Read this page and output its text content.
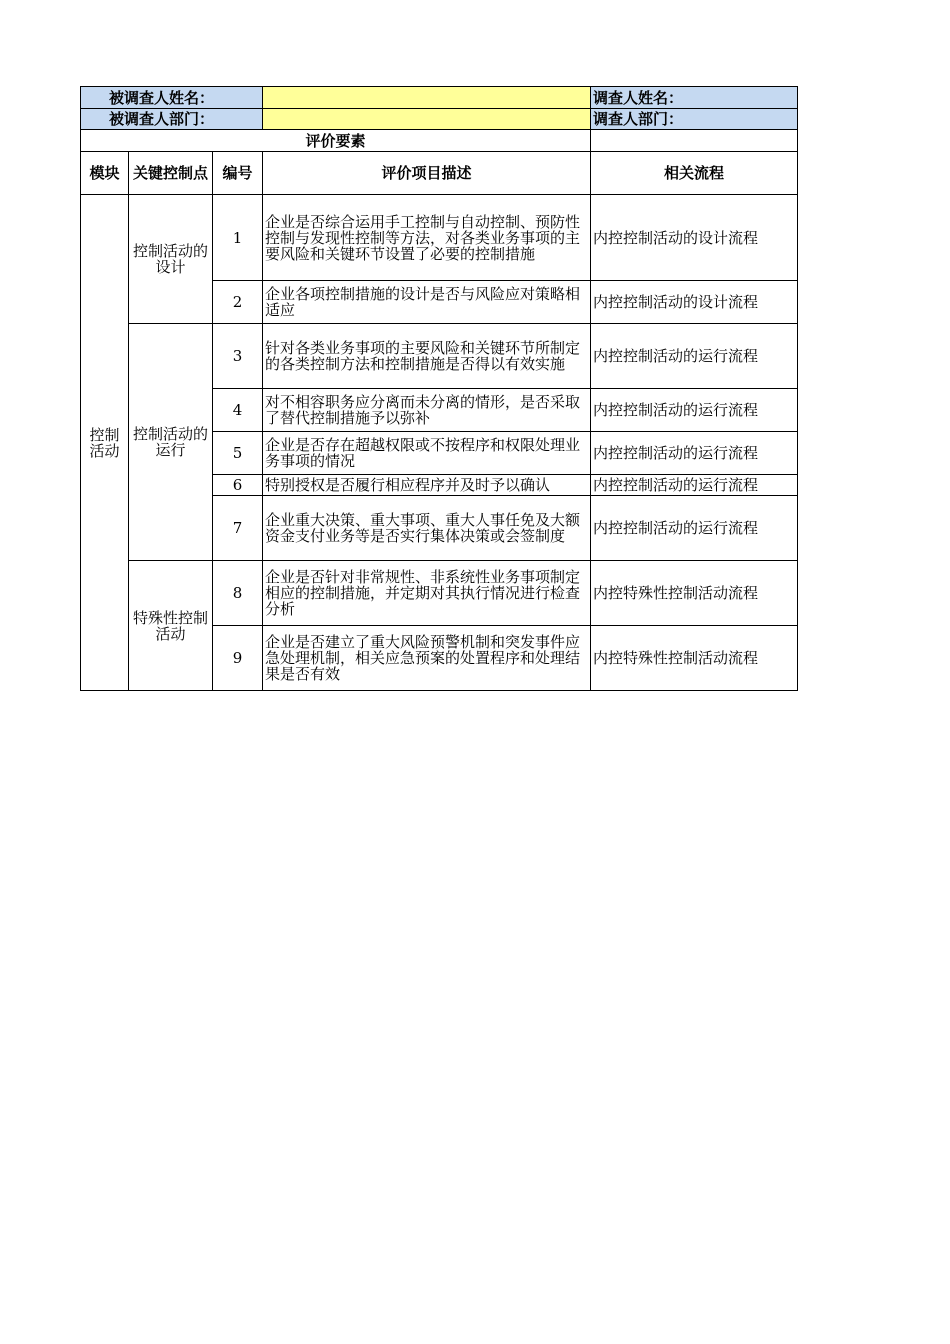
被调查人姓名：				调查人姓名：
被调查人部门：				调查人部门：
评价要素				
模块	关键控制点	编号	评价项目描述	相关流程
控制活动	控制活动的设计	1	企业是否综合运用手工控制与自动控制、预防性控制与发现性控制等方法，对各类业务事项的主要风险和关键环节设置了必要的控制措施	内控控制活动的设计流程
		2	企业各项控制措施的设计是否与风险应对策略相适应	内控控制活动的设计流程
	控制活动的运行	3	针对各类业务事项的主要风险和关键环节所制定的各类控制方法和控制措施是否得以有效实施	内控控制活动的运行流程
		4	对不相容职务应分离而未分离的情形，是否采取了替代控制措施予以弥补	内控控制活动的运行流程
		5	企业是否存在超越权限或不按程序和权限处理业务事项的情况	内控控制活动的运行流程
		6	特别授权是否履行相应程序并及时予以确认	内控控制活动的运行流程
		7	企业重大决策、重大事项、重大人事任免及大额资金支付业务等是否实行集体决策或会签制度	内控控制活动的运行流程
	特殊性控制活动	8	企业是否针对非常规性、非系统性业务事项制定相应的控制措施，并定期对其执行情况进行检查分析	内控特殊性控制活动流程
		9	企业是否建立了重大风险预警机制和突发事件应急处理机制，相关应急预案的处置程序和处理结果是否有效	内控特殊性控制活动流程
